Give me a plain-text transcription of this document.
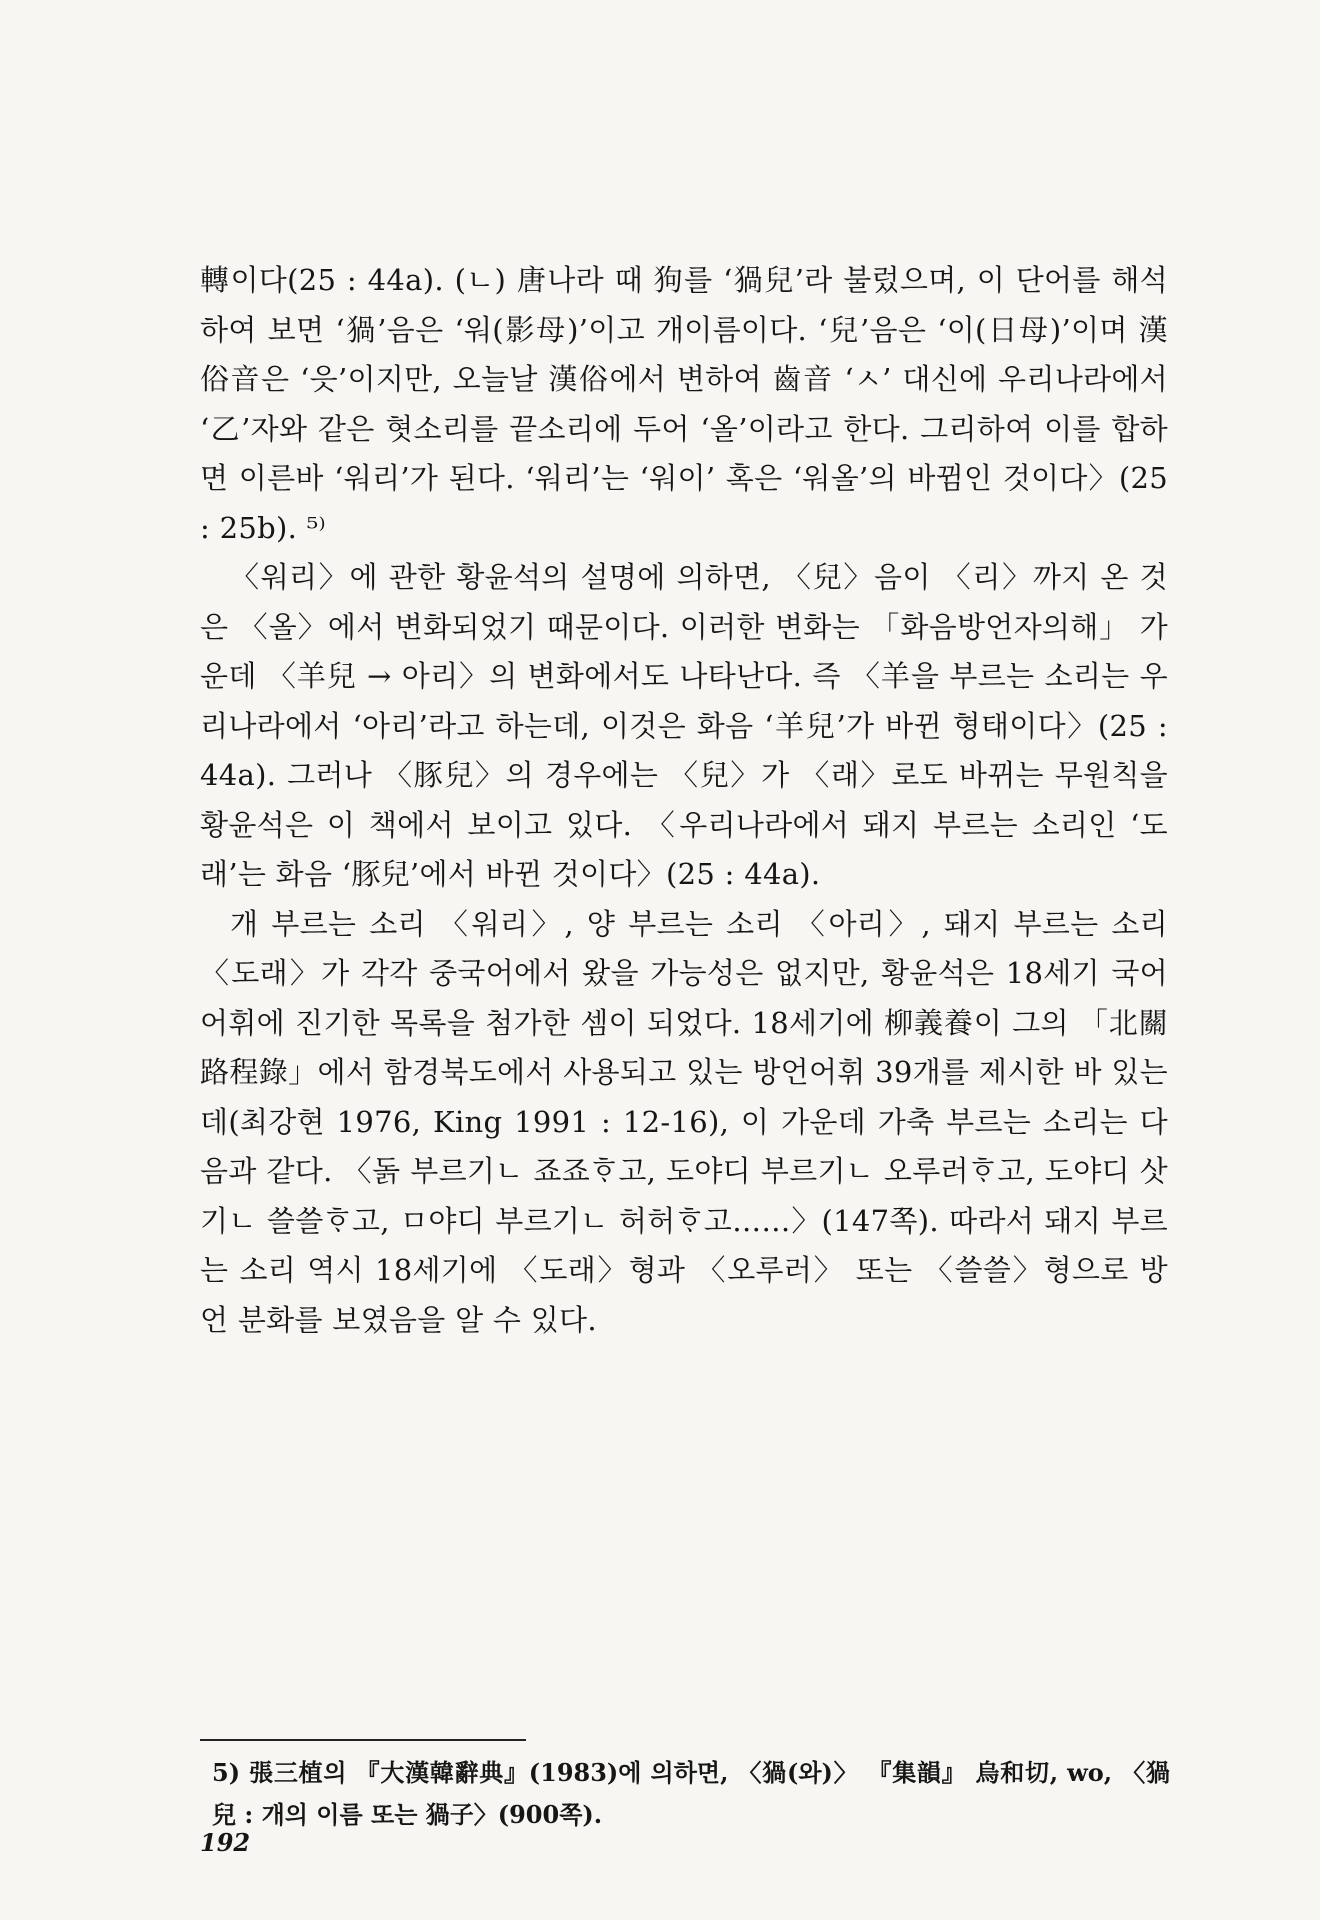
轉이다(25 : 44a). (ㄴ) 唐나라 때 狗를 ‘猧兒’라 불렀으며, 이 단어를 해석하여 보면 ‘猧’음은 ‘워(影母)’이고 개이름이다. ‘兒’음은 ‘이(日母)’이며 漢俗音은 ‘읏’이지만, 오늘날 漢俗에서 변하여 齒音 ‘ㅅ’ 대신에 우리나라에서 ‘乙’자와 같은 혓소리를 끝소리에 두어 ‘올’이라고 한다. 그리하여 이를 합하면 이른바 ‘워리’가 된다. ‘워리’는 ‘워이’ 혹은 ‘워올’의 바뀜인 것이다〉(25 : 25b). ⁵⁾

〈워리〉에 관한 황윤석의 설명에 의하면, 〈兒〉음이 〈리〉까지 온 것은 〈올〉에서 변화되었기 때문이다. 이러한 변화는 「화음방언자의해」 가운데 〈羊兒 → 아리〉의 변화에서도 나타난다. 즉 〈羊을 부르는 소리는 우리나라에서 ‘아리’라고 하는데, 이것은 화음 ‘羊兒’가 바뀐 형태이다〉(25 : 44a). 그러나 〈豚兒〉의 경우에는 〈兒〉가 〈래〉로도 바뀌는 무원칙을 황윤석은 이 책에서 보이고 있다. 〈우리나라에서 돼지 부르는 소리인 ‘도래’는 화음 ‘豚兒’에서 바뀐 것이다〉(25 : 44a).

개 부르는 소리 〈워리〉, 양 부르는 소리 〈아리〉, 돼지 부르는 소리 〈도래〉가 각각 중국어에서 왔을 가능성은 없지만, 황윤석은 18세기 국어 어휘에 진기한 목록을 첨가한 셈이 되었다. 18세기에 柳義養이 그의 「北關路程錄」에서 함경북도에서 사용되고 있는 방언어휘 39개를 제시한 바 있는데(최강현 1976, King 1991 : 12-16), 이 가운데 가축 부르는 소리는 다음과 같다. 〈돍 부르기ㄴ 죠죠ᄒᆞ고, 도야디 부르기ㄴ 오루러ᄒᆞ고, 도야디 삿기ㄴ 쓸쓸ᄒᆞ고, ㅁ야디 부르기ㄴ 허허ᄒᆞ고……〉(147쪽). 따라서 돼지 부르는 소리 역시 18세기에 〈도래〉형과 〈오루러〉 또는 〈쓸쓸〉형으로 방언 분화를 보였음을 알 수 있다.

5) 張三植의 『大漢韓辭典』(1983)에 의하면, 〈猧(와)〉 『集韻』 烏和切, wo, 〈猧兒 : 개의 이름 또는 猧子〉(900쪽).
192
